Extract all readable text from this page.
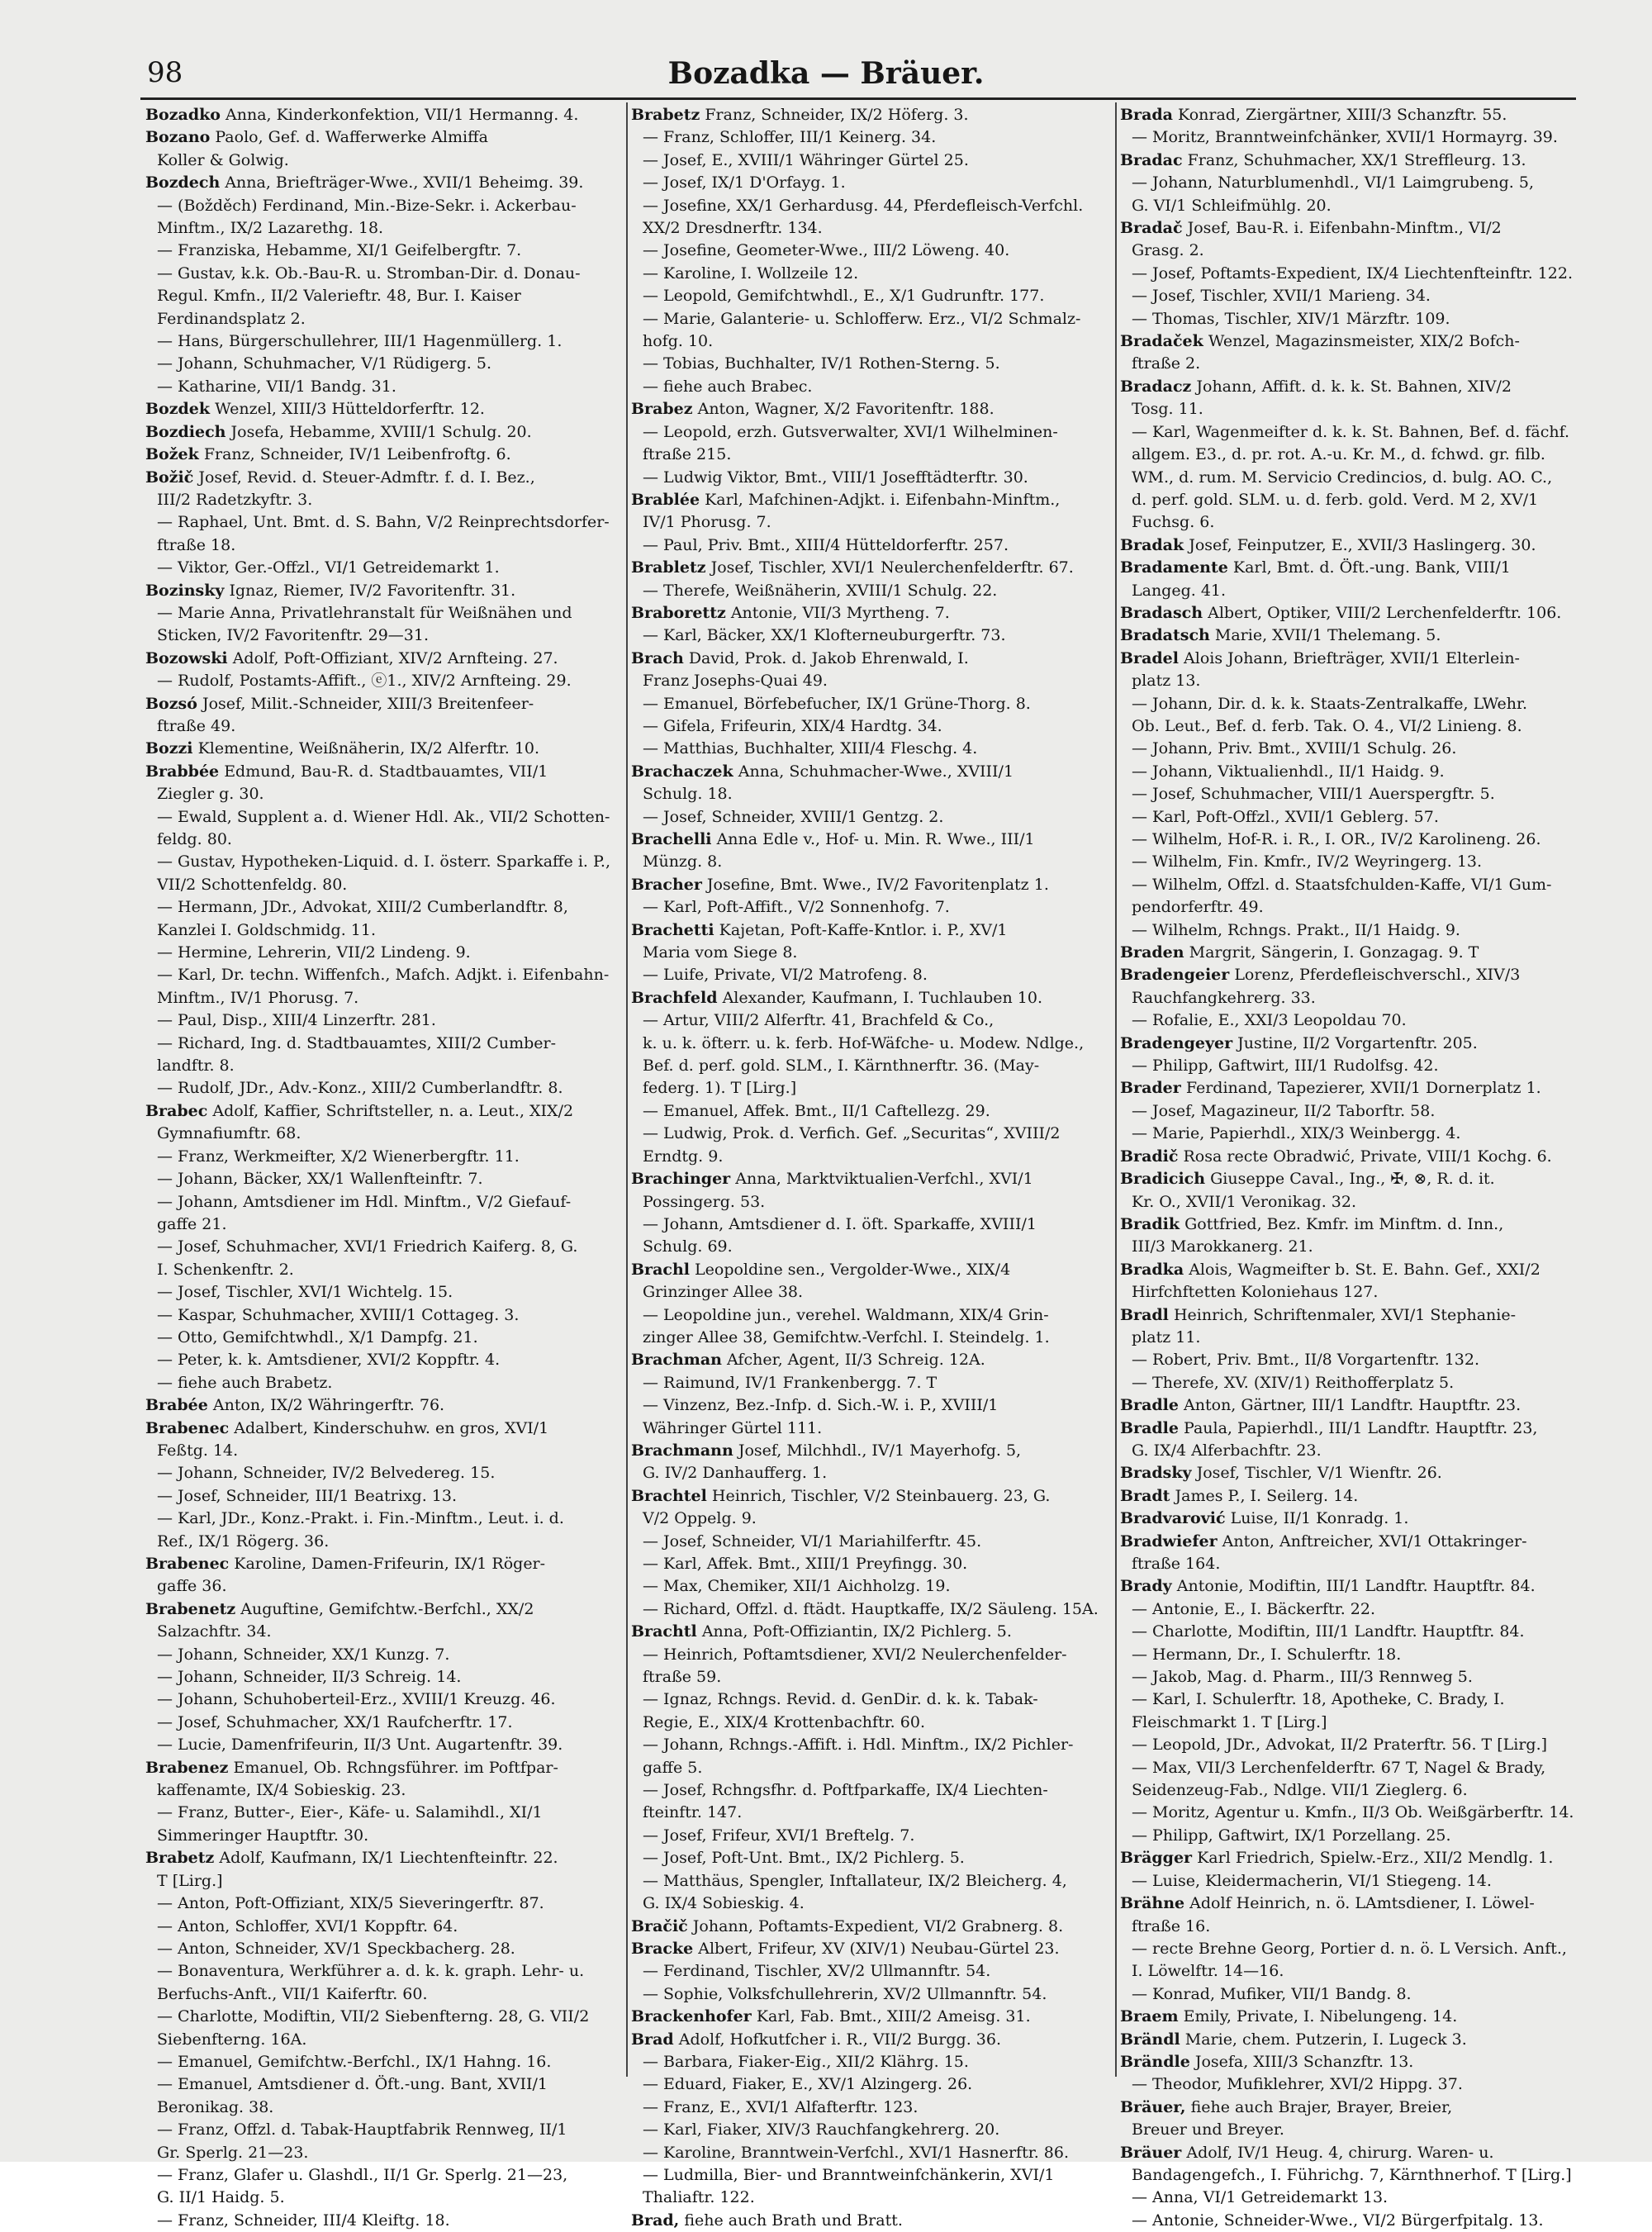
98	Bozadka — Bräuer.

Bozadko Anna, Kinderkonfektion, VII/1 Hermanng. 4.

Bozano Paolo, Gef. d. Wafferwerke Almiffa

Koller & Golwig.

Bozdech Anna, Briefträger-Wwe., XVII/1 Beheimg. 39.

— (Božděch) Ferdinand, Min.-Bize-Sekr. i. Ackerbau-

Minftm., IX/2 Lazarethg. 18.

— Franziska, Hebamme, XI/1 Geifelbergftr. 7.

— Gustav, k.k. Ob.-Bau-R. u. Stromban-Dir. d. Donau-

Regul. Kmfn., II/2 Valerieftr. 48, Bur. I. Kaiser

Ferdinandsplatz 2.

— Hans, Bürgerschullehrer, III/1 Hagenmüllerg. 1.

— Johann, Schuhmacher, V/1 Rüdigerg. 5.

— Katharine, VII/1 Bandg. 31.

Bozdek Wenzel, XIII/3 Hütteldorferftr. 12.

Bozdiech Josefa, Hebamme, XVIII/1 Schulg. 20.

Božek Franz, Schneider, IV/1 Leibenfroftg. 6.

Božič Josef, Revid. d. Steuer-Admftr. f. d. I. Bez.,

III/2 Radetzkyftr. 3.

— Raphael, Unt. Bmt. d. S. Bahn, V/2 Reinprechtsdorfer-

ftraße 18.

— Viktor, Ger.-Offzl., VI/1 Getreidemarkt 1.

Bozinsky Ignaz, Riemer, IV/2 Favoritenftr. 31.

— Marie Anna, Privatlehranstalt für Weißnähen und

Sticken, IV/2 Favoritenftr. 29—31.

Bozowski Adolf, Poft-Offiziant, XIV/2 Arnfteing. 27.

— Rudolf, Postamts-Affift., ⓔ1., XIV/2 Arnfteing. 29.

Bozsó Josef, Milit.-Schneider, XIII/3 Breitenfeer-

ftraße 49.

Bozzi Klementine, Weißnäherin, IX/2 Alferftr. 10.

Brabbée Edmund, Bau-R. d. Stadtbauamtes, VII/1

Ziegler g. 30.

— Ewald, Supplent a. d. Wiener Hdl. Ak., VII/2 Schotten-

feldg. 80.

— Gustav, Hypotheken-Liquid. d. I. österr. Sparkaffe i. P.,

VII/2 Schottenfeldg. 80.

— Hermann, JDr., Advokat, XIII/2 Cumberlandftr. 8,

Kanzlei I. Goldschmidg. 11.

— Hermine, Lehrerin, VII/2 Lindeng. 9.

— Karl, Dr. techn. Wiffenfch., Mafch. Adjkt. i. Eifenbahn-

Minftm., IV/1 Phorusg. 7.

— Paul, Disp., XIII/4 Linzerftr. 281.

— Richard, Ing. d. Stadtbauamtes, XIII/2 Cumber-

landftr. 8.

— Rudolf, JDr., Adv.-Konz., XIII/2 Cumberlandftr. 8.

Brabec Adolf, Kaffier, Schriftsteller, n. a. Leut., XIX/2

Gymnafiumftr. 68.

— Franz, Werkmeifter, X/2 Wienerbergftr. 11.

— Johann, Bäcker, XX/1 Wallenfteinftr. 7.

— Johann, Amtsdiener im Hdl. Minftm., V/2 Giefauf-

gaffe 21.

— Josef, Schuhmacher, XVI/1 Friedrich Kaiferg. 8, G.

I. Schenkenftr. 2.

— Josef, Tischler, XVI/1 Wichtelg. 15.

— Kaspar, Schuhmacher, XVIII/1 Cottageg. 3.

— Otto, Gemifchtwhdl., X/1 Dampfg. 21.

— Peter, k. k. Amtsdiener, XVI/2 Koppftr. 4.

— fiehe auch Brabetz.

Brabée Anton, IX/2 Währingerftr. 76.

Brabenec Adalbert, Kinderschuhw. en gros, XVI/1

Feßtg. 14.

— Johann, Schneider, IV/2 Belvedereg. 15.

— Josef, Schneider, III/1 Beatrixg. 13.

— Karl, JDr., Konz.-Prakt. i. Fin.-Minftm., Leut. i. d.

Ref., IX/1 Rögerg. 36.

Brabenec Karoline, Damen-Frifeurin, IX/1 Röger-

gaffe 36.

Brabenetz Auguftine, Gemifchtw.-Berfchl., XX/2

Salzachftr. 34.

— Johann, Schneider, XX/1 Kunzg. 7.

— Johann, Schneider, II/3 Schreig. 14.

— Johann, Schuhoberteil-Erz., XVIII/1 Kreuzg. 46.

— Josef, Schuhmacher, XX/1 Raufcherftr. 17.

— Lucie, Damenfrifeurin, II/3 Unt. Augartenftr. 39.

Brabenez Emanuel, Ob. Rchngsführer. im Poftfpar-

kaffenamte, IX/4 Sobieskig. 23.

— Franz, Butter-, Eier-, Käfe- u. Salamihdl., XI/1

Simmeringer Hauptftr. 30.

Brabetz Adolf, Kaufmann, IX/1 Liechtenfteinftr. 22.

T [Lirg.]

— Anton, Poft-Offiziant, XIX/5 Sieveringerftr. 87.

— Anton, Schloffer, XVI/1 Koppftr. 64.

— Anton, Schneider, XV/1 Speckbacherg. 28.

— Bonaventura, Werkführer a. d. k. k. graph. Lehr- u.

Berfuchs-Anft., VII/1 Kaiferftr. 60.

— Charlotte, Modiftin, VII/2 Siebenfterng. 28, G. VII/2

Siebenfterng. 16A.

— Emanuel, Gemifchtw.-Berfchl., IX/1 Hahng. 16.

— Emanuel, Amtsdiener d. Öft.-ung. Bant, XVII/1

Beronikag. 38.

— Franz, Offzl. d. Tabak-Hauptfabrik Rennweg, II/1

Gr. Sperlg. 21—23.

— Franz, Glafer u. Glashdl., II/1 Gr. Sperlg. 21—23,

G. II/1 Haidg. 5.

— Franz, Schneider, III/4 Kleiftg. 18.

Brabetz Franz, Schneider, IX/2 Höferg. 3.

— Franz, Schloffer, III/1 Keinerg. 34.

— Josef, E., XVIII/1 Währinger Gürtel 25.

— Josef, IX/1 D'Orfayg. 1.

— Josefine, XX/1 Gerhardusg. 44, Pferdefleisch-Verfchl.

XX/2 Dresdnerftr. 134.

— Josefine, Geometer-Wwe., III/2 Löweng. 40.

— Karoline, I. Wollzeile 12.

— Leopold, Gemifchtwhdl., E., X/1 Gudrunftr. 177.

— Marie, Galanterie- u. Schlofferw. Erz., VI/2 Schmalz-

hofg. 10.

— Tobias, Buchhalter, IV/1 Rothen-Sterng. 5.

— fiehe auch Brabec.

Brabez Anton, Wagner, X/2 Favoritenftr. 188.

— Leopold, erzh. Gutsverwalter, XVI/1 Wilhelminen-

ftraße 215.

— Ludwig Viktor, Bmt., VIII/1 Josefftädterftr. 30.

Brablée Karl, Mafchinen-Adjkt. i. Eifenbahn-Minftm.,

IV/1 Phorusg. 7.

— Paul, Priv. Bmt., XIII/4 Hütteldorferftr. 257.

Brabletz Josef, Tischler, XVI/1 Neulerchenfelderftr. 67.

— Therefe, Weißnäherin, XVIII/1 Schulg. 22.

Braborettz Antonie, VII/3 Myrtheng. 7.

— Karl, Bäcker, XX/1 Klofterneuburgerftr. 73.

Brach David, Prok. d. Jakob Ehrenwald, I.

Franz Josephs-Quai 49.

— Emanuel, Börfebefucher, IX/1 Grüne-Thorg. 8.

— Gifela, Frifeurin, XIX/4 Hardtg. 34.

— Matthias, Buchhalter, XIII/4 Fleschg. 4.

Brachaczek Anna, Schuhmacher-Wwe., XVIII/1

Schulg. 18.

— Josef, Schneider, XVIII/1 Gentzg. 2.

Brachelli Anna Edle v., Hof- u. Min. R. Wwe., III/1

Münzg. 8.

Bracher Josefine, Bmt. Wwe., IV/2 Favoritenplatz 1.

— Karl, Poft-Affift., V/2 Sonnenhofg. 7.

Brachetti Kajetan, Poft-Kaffe-Kntlor. i. P., XV/1

Maria vom Siege 8.

— Luife, Private, VI/2 Matrofeng. 8.

Brachfeld Alexander, Kaufmann, I. Tuchlauben 10.

— Artur, VIII/2 Alferftr. 41, Brachfeld & Co.,

k. u. k. öfterr. u. k. ferb. Hof-Wäfche- u. Modew. Ndlge.,

Bef. d. perf. gold. SLM., I. Kärnthnerftr. 36. (May-

federg. 1). T [Lirg.]

— Emanuel, Affek. Bmt., II/1 Caftellezg. 29.

— Ludwig, Prok. d. Verfich. Gef. „Securitas“, XVIII/2

Erndtg. 9.

Brachinger Anna, Marktviktualien-Verfchl., XVI/1

Possingerg. 53.

— Johann, Amtsdiener d. I. öft. Sparkaffe, XVIII/1

Schulg. 69.

Brachl Leopoldine sen., Vergolder-Wwe., XIX/4

Grinzinger Allee 38.

— Leopoldine jun., verehel. Waldmann, XIX/4 Grin-

zinger Allee 38, Gemifchtw.-Verfchl. I. Steindelg. 1.

Brachman Afcher, Agent, II/3 Schreig. 12A.

— Raimund, IV/1 Frankenbergg. 7. T

— Vinzenz, Bez.-Infp. d. Sich.-W. i. P., XVIII/1

Währinger Gürtel 111.

Brachmann Josef, Milchhdl., IV/1 Mayerhofg. 5,

G. IV/2 Danhaufferg. 1.

Brachtel Heinrich, Tischler, V/2 Steinbauerg. 23, G.

V/2 Oppelg. 9.

— Josef, Schneider, VI/1 Mariahilferftr. 45.

— Karl, Affek. Bmt., XIII/1 Preyfingg. 30.

— Max, Chemiker, XII/1 Aichholzg. 19.

— Richard, Offzl. d. ftädt. Hauptkaffe, IX/2 Säuleng. 15A.

Brachtl Anna, Poft-Offiziantin, IX/2 Pichlerg. 5.

— Heinrich, Poftamtsdiener, XVI/2 Neulerchenfelder-

ftraße 59.

— Ignaz, Rchngs. Revid. d. GenDir. d. k. k. Tabak-

Regie, E., XIX/4 Krottenbachftr. 60.

— Johann, Rchngs.-Affift. i. Hdl. Minftm., IX/2 Pichler-

gaffe 5.

— Josef, Rchngsfhr. d. Poftfparkaffe, IX/4 Liechten-

fteinftr. 147.

— Josef, Frifeur, XVI/1 Breftelg. 7.

— Josef, Poft-Unt. Bmt., IX/2 Pichlerg. 5.

— Matthäus, Spengler, Inftallateur, IX/2 Bleicherg. 4,

G. IX/4 Sobieskig. 4.

Bračič Johann, Poftamts-Expedient, VI/2 Grabnerg. 8.

Bracke Albert, Frifeur, XV (XIV/1) Neubau-Gürtel 23.

— Ferdinand, Tischler, XV/2 Ullmannftr. 54.

— Sophie, Volksfchullehrerin, XV/2 Ullmannftr. 54.

Brackenhofer Karl, Fab. Bmt., XIII/2 Ameisg. 31.

Brad Adolf, Hofkutfcher i. R., VII/2 Burgg. 36.

— Barbara, Fiaker-Eig., XII/2 Klährg. 15.

— Eduard, Fiaker, E., XV/1 Alzingerg. 26.

— Franz, E., XVI/1 Alfafterftr. 123.

— Karl, Fiaker, XIV/3 Rauchfangkehrerg. 20.

— Karoline, Branntwein-Verfchl., XVI/1 Hasnerftr. 86.

— Ludmilla, Bier- und Branntweinfchänkerin, XVI/1

Thaliaftr. 122.

Brad, fiehe auch Brath und Bratt.

Brada Konrad, Ziergärtner, XIII/3 Schanzftr. 55.

— Moritz, Branntweinfchänker, XVII/1 Hormayrg. 39.

Bradac Franz, Schuhmacher, XX/1 Streffleurg. 13.

— Johann, Naturblumenhdl., VI/1 Laimgrubeng. 5,

G. VI/1 Schleifmühlg. 20.

Bradač Josef, Bau-R. i. Eifenbahn-Minftm., VI/2

Grasg. 2.

— Josef, Poftamts-Expedient, IX/4 Liechtenfteinftr. 122.

— Josef, Tischler, XVII/1 Marieng. 34.

— Thomas, Tischler, XIV/1 Märzftr. 109.

Bradaček Wenzel, Magazinsmeister, XIX/2 Bofch-

ftraße 2.

Bradacz Johann, Affift. d. k. k. St. Bahnen, XIV/2

Tosg. 11.

— Karl, Wagenmeifter d. k. k. St. Bahnen, Bef. d. fächf.

allgem. E3., d. pr. rot. A.-u. Kr. M., d. fchwd. gr. filb.

WM., d. rum. M. Servicio Credincios, d. bulg. AO. C.,

d. perf. gold. SLM. u. d. ferb. gold. Verd. M 2, XV/1

Fuchsg. 6.

Bradak Josef, Feinputzer, E., XVII/3 Haslingerg. 30.

Bradamente Karl, Bmt. d. Öft.-ung. Bank, VIII/1

Langeg. 41.

Bradasch Albert, Optiker, VIII/2 Lerchenfelderftr. 106.

Bradatsch Marie, XVII/1 Thelemang. 5.

Bradel Alois Johann, Briefträger, XVII/1 Elterlein-

platz 13.

— Johann, Dir. d. k. k. Staats-Zentralkaffe, LWehr.

Ob. Leut., Bef. d. ferb. Tak. O. 4., VI/2 Linieng. 8.

— Johann, Priv. Bmt., XVIII/1 Schulg. 26.

— Johann, Viktualienhdl., II/1 Haidg. 9.

— Josef, Schuhmacher, VIII/1 Auerspergftr. 5.

— Karl, Poft-Offzl., XVII/1 Geblerg. 57.

— Wilhelm, Hof-R. i. R., I. OR., IV/2 Karolineng. 26.

— Wilhelm, Fin. Kmfr., IV/2 Weyringerg. 13.

— Wilhelm, Offzl. d. Staatsfchulden-Kaffe, VI/1 Gum-

pendorferftr. 49.

— Wilhelm, Rchngs. Prakt., II/1 Haidg. 9.

Braden Margrit, Sängerin, I. Gonzagag. 9. T

Bradengeier Lorenz, Pferdefleischverschl., XIV/3

Rauchfangkehrerg. 33.

— Rofalie, E., XXI/3 Leopoldau 70.

Bradengeyer Justine, II/2 Vorgartenftr. 205.

— Philipp, Gaftwirt, III/1 Rudolfsg. 42.

Brader Ferdinand, Tapezierer, XVII/1 Dornerplatz 1.

— Josef, Magazineur, II/2 Taborftr. 58.

— Marie, Papierhdl., XIX/3 Weinbergg. 4.

Bradič Rosa recte Obradwić, Private, VIII/1 Kochg. 6.

Bradicich Giuseppe Caval., Ing., ✠, ⊗, R. d. it.

Kr. O., XVII/1 Veronikag. 32.

Bradik Gottfried, Bez. Kmfr. im Minftm. d. Inn.,

III/3 Marokkanerg. 21.

Bradka Alois, Wagmeifter b. St. E. Bahn. Gef., XXI/2

Hirfchftetten Koloniehaus 127.

Bradl Heinrich, Schriftenmaler, XVI/1 Stephanie-

platz 11.

— Robert, Priv. Bmt., II/8 Vorgartenftr. 132.

— Therefe, XV. (XIV/1) Reithofferplatz 5.

Bradle Anton, Gärtner, III/1 Landftr. Hauptftr. 23.

Bradle Paula, Papierhdl., III/1 Landftr. Hauptftr. 23,

G. IX/4 Alferbachftr. 23.

Bradsky Josef, Tischler, V/1 Wienftr. 26.

Bradt James P., I. Seilerg. 14.

Bradvarović Luise, II/1 Konradg. 1.

Bradwiefer Anton, Anftreicher, XVI/1 Ottakringer-

ftraße 164.

Brady Antonie, Modiftin, III/1 Landftr. Hauptftr. 84.

— Antonie, E., I. Bäckerftr. 22.

— Charlotte, Modiftin, III/1 Landftr. Hauptftr. 84.

— Hermann, Dr., I. Schulerftr. 18.

— Jakob, Mag. d. Pharm., III/3 Rennweg 5.

— Karl, I. Schulerftr. 18, Apotheke, C. Brady, I.

Fleischmarkt 1. T [Lirg.]

— Leopold, JDr., Advokat, II/2 Praterftr. 56. T [Lirg.]

— Max, VII/3 Lerchenfelderftr. 67 T, Nagel & Brady,

Seidenzeug-Fab., Ndlge. VII/1 Zieglerg. 6.

— Moritz, Agentur u. Kmfn., II/3 Ob. Weißgärberftr. 14.

— Philipp, Gaftwirt, IX/1 Porzellang. 25.

Brägger Karl Friedrich, Spielw.-Erz., XII/2 Mendlg. 1.

— Luise, Kleidermacherin, VI/1 Stiegeng. 14.

Brähne Adolf Heinrich, n. ö. LAmtsdiener, I. Löwel-

ftraße 16.

— recte Brehne Georg, Portier d. n. ö. L Versich. Anft.,

I. Löwelftr. 14—16.

— Konrad, Mufiker, VII/1 Bandg. 8.

Braem Emily, Private, I. Nibelungeng. 14.

Brändl Marie, chem. Putzerin, I. Lugeck 3.

Brändle Josefa, XIII/3 Schanzftr. 13.

— Theodor, Mufiklehrer, XVI/2 Hippg. 37.

Bräuer, fiehe auch Brajer, Brayer, Breier,

Breuer und Breyer.

Bräuer Adolf, IV/1 Heug. 4, chirurg. Waren- u.

Bandagengefch., I. Führichg. 7, Kärnthnerhof. T [Lirg.]

— Anna, VI/1 Getreidemarkt 13.

— Antonie, Schneider-Wwe., VI/2 Bürgerfpitalg. 13.
